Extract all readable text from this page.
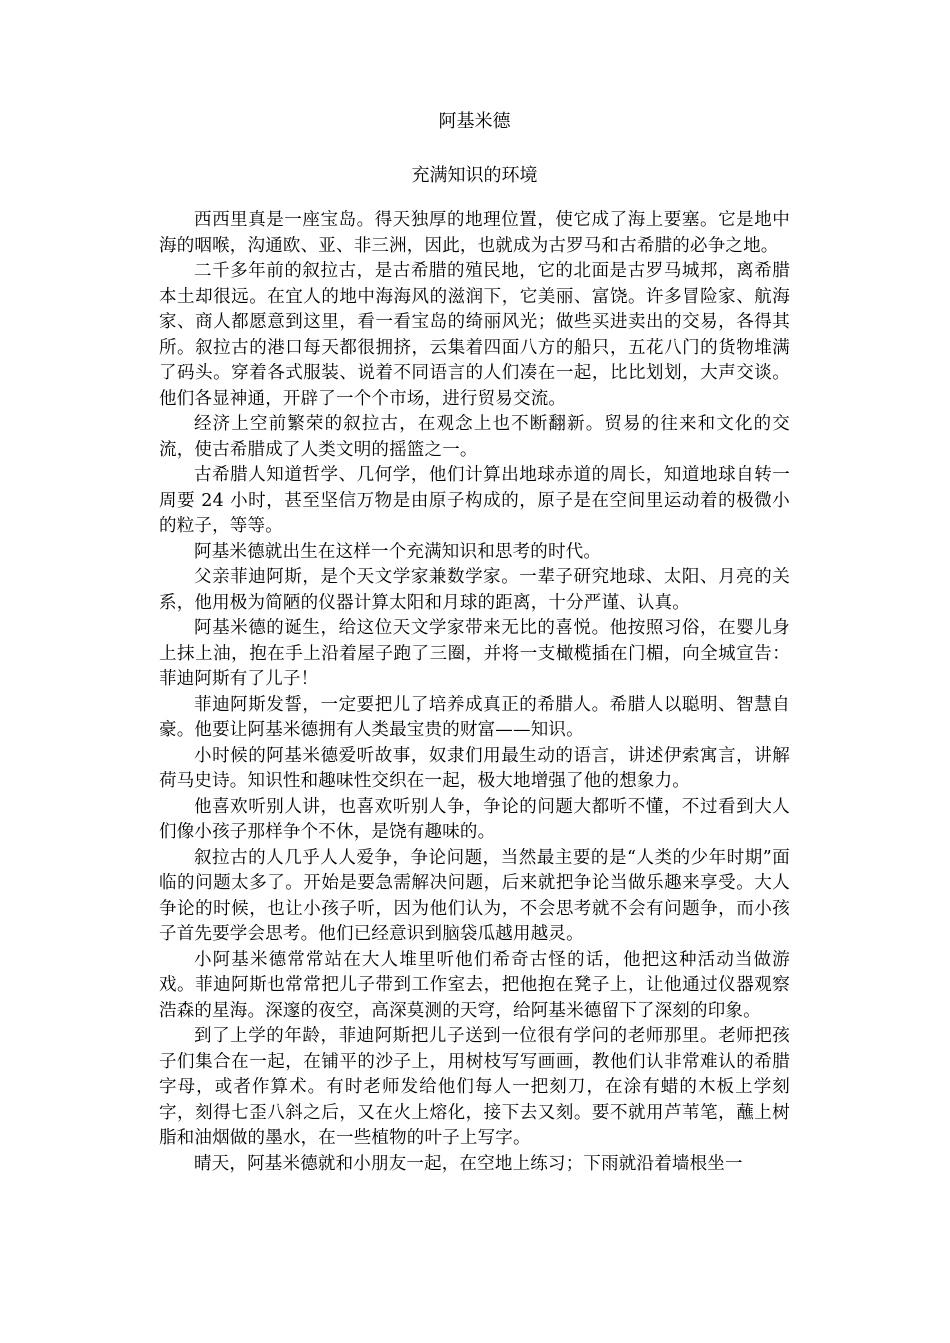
阿基米德
充满知识的环境

西西里真是一座宝岛。得天独厚的地理位置，使它成了海上要塞。它是地中海的咽喉，沟通欧、亚、非三洲，因此，也就成为古罗马和古希腊的必争之地。

二千多年前的叙拉古，是古希腊的殖民地，它的北面是古罗马城邦，离希腊本土却很远。在宜人的地中海海风的滋润下，它美丽、富饶。许多冒险家、航海家、商人都愿意到这里，看一看宝岛的绮丽风光；做些买进卖出的交易，各得其所。叙拉古的港口每天都很拥挤，云集着四面八方的船只，五花八门的货物堆满了码头。穿着各式服装、说着不同语言的人们凑在一起，比比划划，大声交谈。他们各显神通，开辟了一个个市场，进行贸易交流。

经济上空前繁荣的叙拉古，在观念上也不断翻新。贸易的往来和文化的交流，使古希腊成了人类文明的摇篮之一。

古希腊人知道哲学、几何学，他们计算出地球赤道的周长，知道地球自转一周要 24 小时，甚至坚信万物是由原子构成的，原子是在空间里运动着的极微小的粒子，等等。

阿基米德就出生在这样一个充满知识和思考的时代。

父亲菲迪阿斯，是个天文学家兼数学家。一辈子研究地球、太阳、月亮的关系，他用极为简陋的仪器计算太阳和月球的距离，十分严谨、认真。

阿基米德的诞生，给这位天文学家带来无比的喜悦。他按照习俗，在婴儿身上抹上油，抱在手上沿着屋子跑了三圈，并将一支橄榄插在门楣，向全城宣告：菲迪阿斯有了儿子！

菲迪阿斯发誓，一定要把儿了培养成真正的希腊人。希腊人以聪明、智慧自豪。他要让阿基米德拥有人类最宝贵的财富——知识。

小时候的阿基米德爱听故事，奴隶们用最生动的语言，讲述伊索寓言，讲解荷马史诗。知识性和趣味性交织在一起，极大地增强了他的想象力。

他喜欢听别人讲，也喜欢听别人争，争论的问题大都听不懂，不过看到大人们像小孩子那样争个不休，是饶有趣味的。

叙拉古的人几乎人人爱争，争论问题，当然最主要的是“人类的少年时期”面临的问题太多了。开始是要急需解决问题，后来就把争论当做乐趣来享受。大人争论的时候，也让小孩子听，因为他们认为，不会思考就不会有问题争，而小孩子首先要学会思考。他们已经意识到脑袋瓜越用越灵。

小阿基米德常常站在大人堆里听他们希奇古怪的话，他把这种活动当做游戏。菲迪阿斯也常常把儿子带到工作室去，把他抱在凳子上，让他通过仪器观察浩森的星海。深邃的夜空，高深莫测的天穹，给阿基米德留下了深刻的印象。

到了上学的年龄，菲迪阿斯把儿子送到一位很有学问的老师那里。老师把孩子们集合在一起，在铺平的沙子上，用树枝写写画画，教他们认非常难认的希腊字母，或者作算术。有时老师发给他们每人一把刻刀，在涂有蜡的木板上学刻字，刻得七歪八斜之后，又在火上熔化，接下去又刻。要不就用芦苇笔，蘸上树脂和油烟做的墨水，在一些植物的叶子上写字。

晴天，阿基米德就和小朋友一起，在空地上练习；下雨就沿着墙根坐一
